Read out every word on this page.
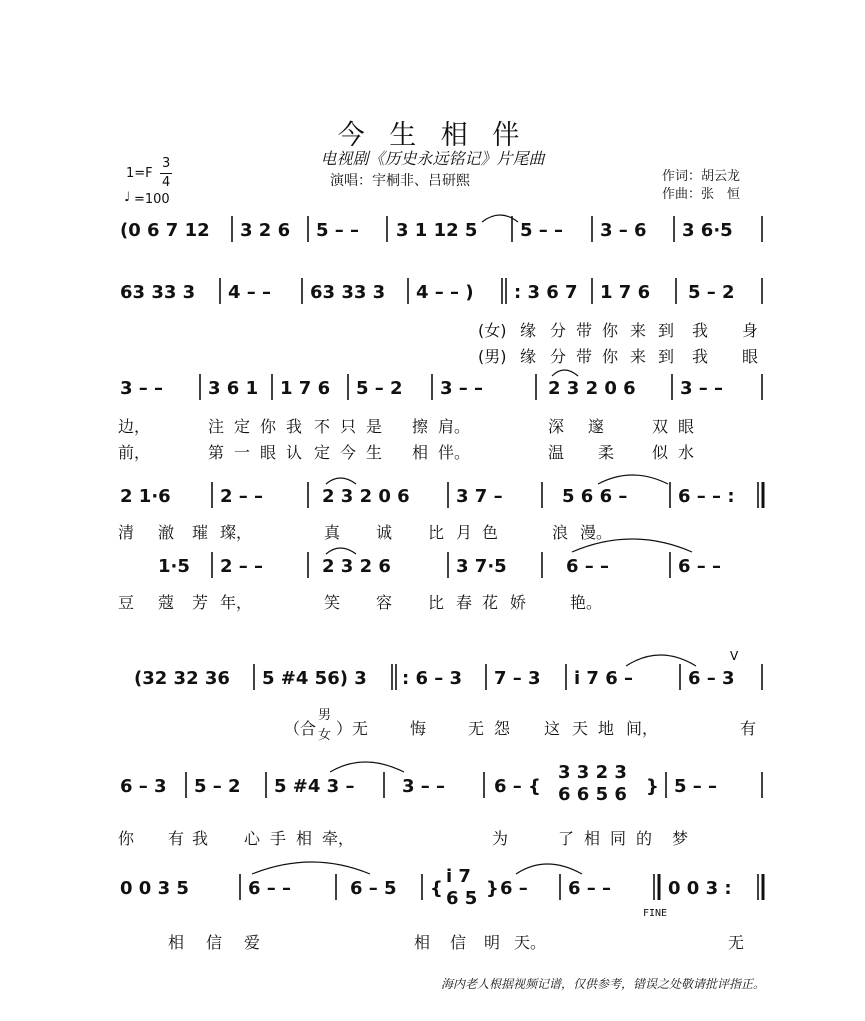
今 生 相 伴
电视剧《历史永远铭记》片尾曲
1=F
3
4
♩ =100
演唱：宇桐非、吕研熙	作词：胡云龙
作曲：张　恒
(0 6 7 12 3 2 6 5 – – 3 1 12 5 5 – – 3 – 6 3 6·5
63 33 3 4 – – 63 33 3 4 – – ) : 3 6 7 1 7 6 5 – 2
(女) 缘 分 带 你 来 到 我 身
(男) 缘 分 带 你 来 到 我 眼
3 – – 3 6 1 1 7 6 5 – 2 3 – –	2 3 2 0 6 3 – –
边，	注 定 你 我 不 只 是 擦 肩。	深 邃	双 眼
前，	第 一 眼 认 定 今 生 相 伴。	温 柔 似 水
2 1·6	2 – –	2 3 2 0 6	3 7 –	5 6 6 –	6 – – :
清 澈 璀 璨，	真 诚 比 月 色	浪 漫。
1·5 2 – –	2 3 2 6	3 7·5	6 – –	6 – –
豆 蔻 芳 年，	笑 容 比 春 花 娇	艳。
(32 32 36 5 #4 56) 3 : 6 – 3 7 – 3 i 7 6 –	6 – 3
V
（合
男
女 ）无	悔	无 怨 这 天 地 间，	有
6 – 3 5 – 2 5 #4 3 –	3 – –	6 – {
3 3 2 3
6 6 5 6 } 5 – –
你 有 我 心 手 相 牵，	为	了 相 同 的 梦
0 0 3 5	6 – –	6 – 5 {
i 7
6 5 } 6 – 6 – –	0 0 3 :
FINE
相 信 爱	相 信 明 天。	无
海内老人根据视频记谱，仅供参考，错误之处敬请批评指正。
